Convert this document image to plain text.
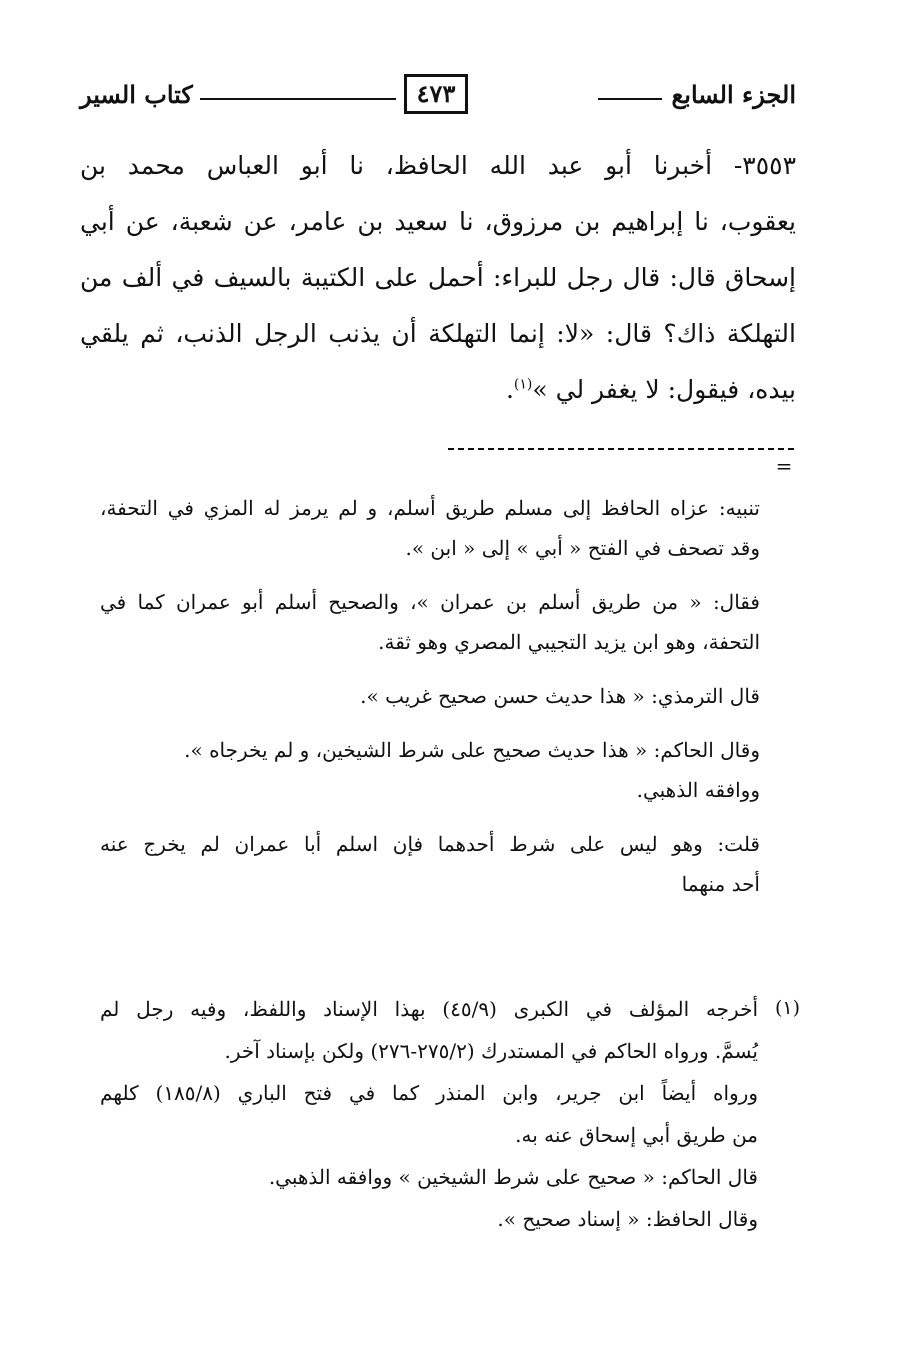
الجزء السابع
٤٧٣
كتاب السير
٣٥٥٣- أخبرنا أبو عبد الله الحافظ، نا أبو العباس محمد بن
يعقوب، نا إبراهيم بن مرزوق، نا سعيد بن عامر، عن شعبة، عن أبي
إسحاق قال: قال رجل للبراء: أحمل على الكتيبة بالسيف في ألف من
التهلكة ذاك؟ قال: «لا: إنما التهلكة أن يذنب الرجل الذنب، ثم يلقي
بيده، فيقول: لا يغفر لي »$^{(١)}$.
=
تنبيه: عزاه الحافظ إلى مسلم طريق أسلم، و لم يرمز له المزي في التحفة،
وقد تصحف في الفتح « أبي » إلى « ابن ».
فقال: « من طريق أسلم بن عمران »، والصحيح أسلم أبو عمران كما في
التحفة، وهو ابن يزيد التجيبي المصري وهو ثقة.
قال الترمذي: « هذا حديث حسن صحيح غريب ».
وقال الحاكم: « هذا حديث صحيح على شرط الشيخين، و لم يخرجاه ».
ووافقه الذهبي.
قلت: وهو ليس على شرط أحدهما فإن اسلم أبا عمران لم يخرج عنه
أحد منهما
(١)
أخرجه المؤلف في الكبرى (٤٥/٩) بهذا الإسناد واللفظ، وفيه رجل لم
يُسمَّ. ورواه الحاكم في المستدرك (٢٧٥/٢-٢٧٦) ولكن بإسناد آخر.
ورواه أيضاً ابن جرير، وابن المنذر كما في فتح الباري (١٨٥/٨) كلهم
من طريق أبي إسحاق عنه به.
قال الحاكم: « صحيح على شرط الشيخين » ووافقه الذهبي.
وقال الحافظ: « إسناد صحيح ».
